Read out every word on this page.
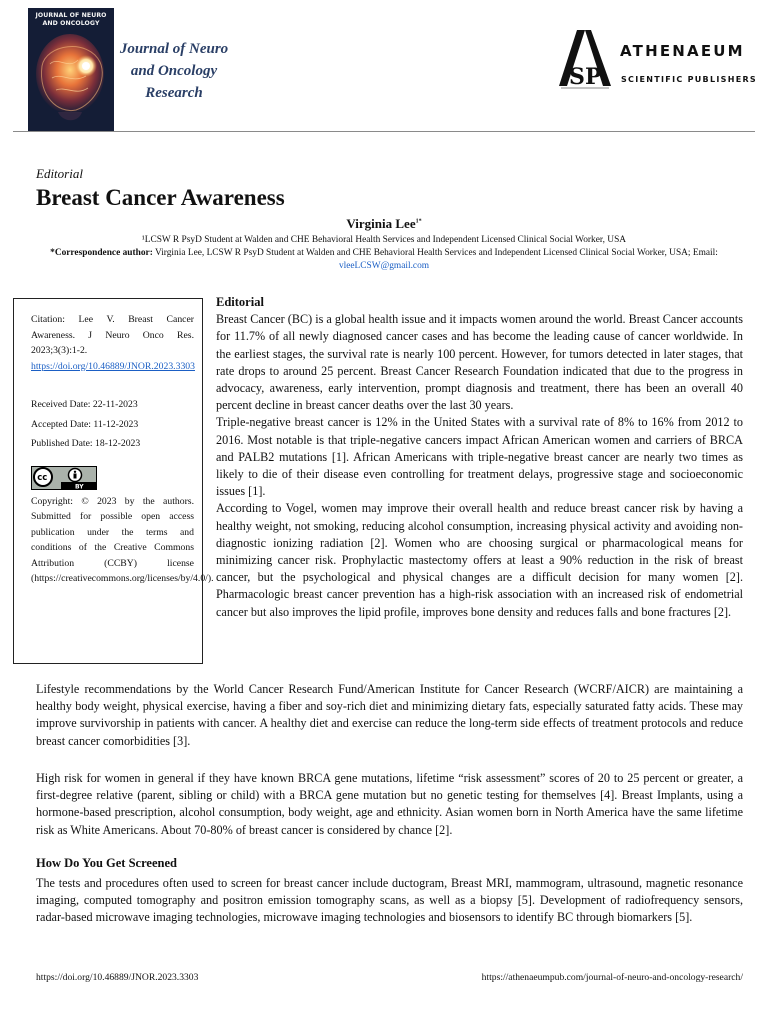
JOURNAL OF NEURO AND ONCOLOGY
Journal of Neuro and Oncology Research
S P
ATHENAEUM
SCIENTIFIC PUBLISHERS
Editorial
Breast Cancer Awareness
Virginia Lee$^{1*}$
¹LCSW R PsyD Student at Walden and CHE Behavioral Health Services and Independent Licensed Clinical Social Worker, USA
*Correspondence author: Virginia Lee, LCSW R PsyD Student at Walden and CHE Behavioral Health Services and Independent Licensed Clinical Social Worker, USA; Email: vleeLCSW@gmail.com

Citation: Lee V. Breast Cancer Awareness. J Neuro Onco Res. 2023;3(3):1-2.

https://doi.org/10.46889/JNOR.2023.3303

Received Date: 22-11-2023
Accepted Date: 11-12-2023
Published Date: 18-12-2023
BY
cc

Copyright: © 2023 by the authors. Submitted for possible open access publication under the terms and conditions of the Creative Commons Attribution (CCBY) license (https://creativecommons.org/licenses/by/4.0/).

Editorial

Breast Cancer (BC) is a global health issue and it impacts women around the world. Breast Cancer accounts for 11.7% of all newly diagnosed cancer cases and has become the leading cause of cancer worldwide. In the earliest stages, the survival rate is nearly 100 percent. However, for tumors detected in later stages, that rate drops to around 25 percent. Breast Cancer Research Foundation indicated that due to the progress in advocacy, awareness, early intervention, prompt diagnosis and treatment, there has been an overall 40 percent decline in breast cancer deaths over the last 30 years.

Triple-negative breast cancer is 12% in the United States with a survival rate of 8% to 16% from 2012 to 2016. Most notable is that triple-negative cancers impact African American women and carriers of BRCA and PALB2 mutations [1]. African Americans with triple-negative breast cancer are nearly two times as likely to die of their disease even controlling for treatment delays, progressive stage and socioeconomic issues [1].

According to Vogel, women may improve their overall health and reduce breast cancer risk by having a healthy weight, not smoking, reducing alcohol consumption, increasing physical activity and avoiding non-diagnostic ionizing radiation [2]. Women who are choosing surgical or pharmacological means for minimizing cancer risk. Prophylactic mastectomy offers at least a 90% reduction in the risk of breast cancer, but the psychological and physical changes are a difficult decision for many women [2]. Pharmacologic breast cancer prevention has a high-risk association with an increased risk of endometrial cancer but also improves the lipid profile, improves bone density and reduces falls and bone fractures [2].

Lifestyle recommendations by the World Cancer Research Fund/American Institute for Cancer Research (WCRF/AICR) are maintaining a healthy body weight, physical exercise, having a fiber and soy-rich diet and minimizing dietary fats, especially saturated fatty acids. These may improve survivorship in patients with cancer. A healthy diet and exercise can reduce the long-term side effects of treatment protocols and reduce breast cancer comorbidities [3].

High risk for women in general if they have known BRCA gene mutations, lifetime “risk assessment” scores of 20 to 25 percent or greater, a first-degree relative (parent, sibling or child) with a BRCA gene mutation but no genetic testing for themselves [4]. Breast Implants, using a hormone-based prescription, alcohol consumption, body weight, age and ethnicity. Asian women born in North America have the same lifetime risk as White Americans. About 70-80% of breast cancer is considered by chance [2].

How Do You Get Screened

The tests and procedures often used to screen for breast cancer include ductogram, Breast MRI, mammogram, ultrasound, magnetic resonance imaging, computed tomography and positron emission tomography scans, as well as a biopsy [5]. Development of radiofrequency sensors, radar-based microwave imaging technologies, microwave imaging technologies and biosensors to identify BC through biomarkers [5].

https://doi.org/10.46889/JNOR.2023.3303	https://athenaeumpub.com/journal-of-neuro-and-oncology-research/
